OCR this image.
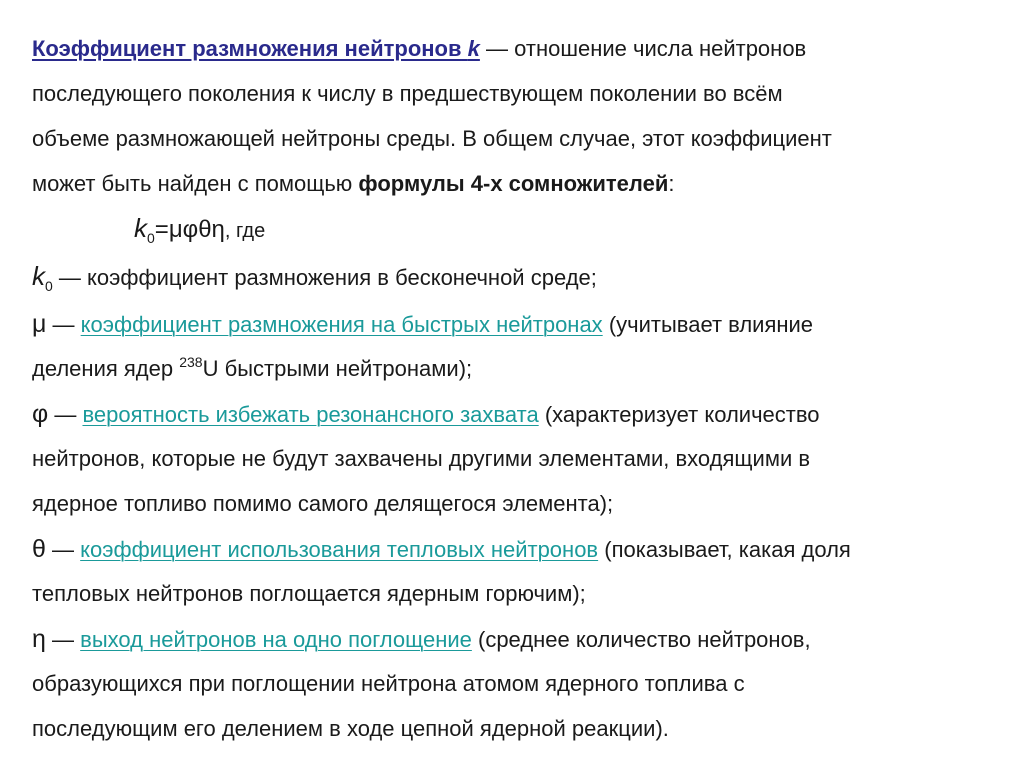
Коэффициент размножения нейтронов k — отношение числа нейтронов
последующего поколения к числу в предшествующем поколении во всём
объеме размножающей нейтроны среды. В общем случае, этот коэффициент
может быть найден с помощью формулы 4-х сомножителей:
$k_0=\mu\varphi\theta\eta$, где
$k_0$ — коэффициент размножения в бесконечной среде;
μ — коэффициент размножения на быстрых нейтронах (учитывает влияние
деления ядер $^{238}$U быстрыми нейтронами);
φ — вероятность избежать резонансного захвата (характеризует количество
нейтронов, которые не будут захвачены другими элементами, входящими в
ядерное топливо помимо самого делящегося элемента);
θ — коэффициент использования тепловых нейтронов (показывает, какая доля
тепловых нейтронов поглощается ядерным горючим);
η — выход нейтронов на одно поглощение (среднее количество нейтронов,
образующихся при поглощении нейтрона атомом ядерного топлива с
последующим его делением в ходе цепной ядерной реакции).
